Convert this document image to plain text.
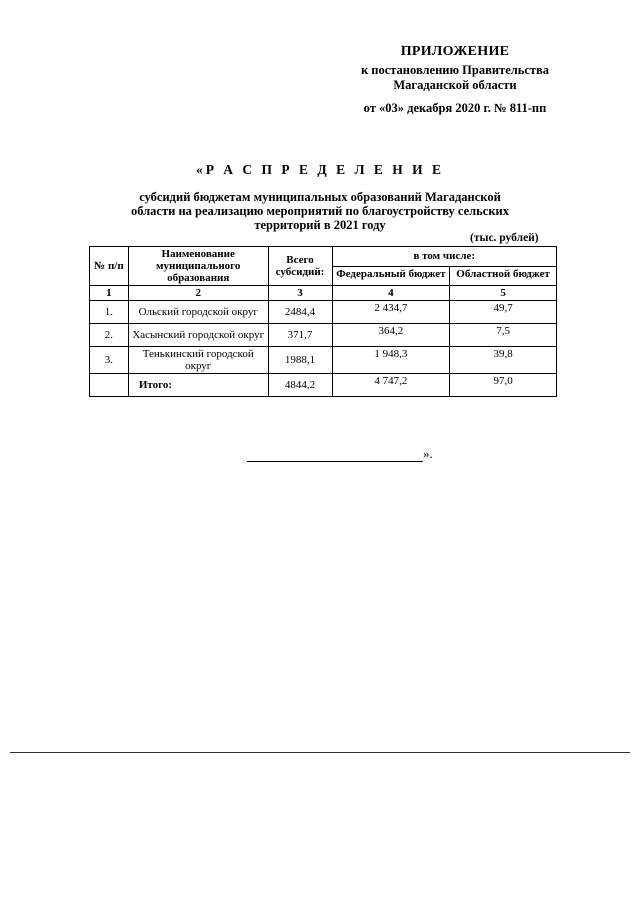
ПРИЛОЖЕНИЕ
к постановлению Правительства
Магаданской области
от «03» декабря 2020 г. № 811-пп
«Р А С П Р Е Д Е Л Е Н И Е
субсидий бюджетам муниципальных образований Магаданской
области на реализацию мероприятий по благоустройству сельских
территорий в 2021 году
(тыс. рублей)
№ п/п	Наименование муниципального образования	Всего субсидий:	в том числе:	
			Федеральный бюджет	Областной бюджет
1	2	3	4	5
1.	Ольский городской округ	2484,4	2 434,7	49,7
2.	Хасынский городской округ	371,7	364,2	7,5
3.	Тенькинский городской округ	1988,1	1 948,3	39,8
	Итого:	4844,2	4 747,2	97,0
».
